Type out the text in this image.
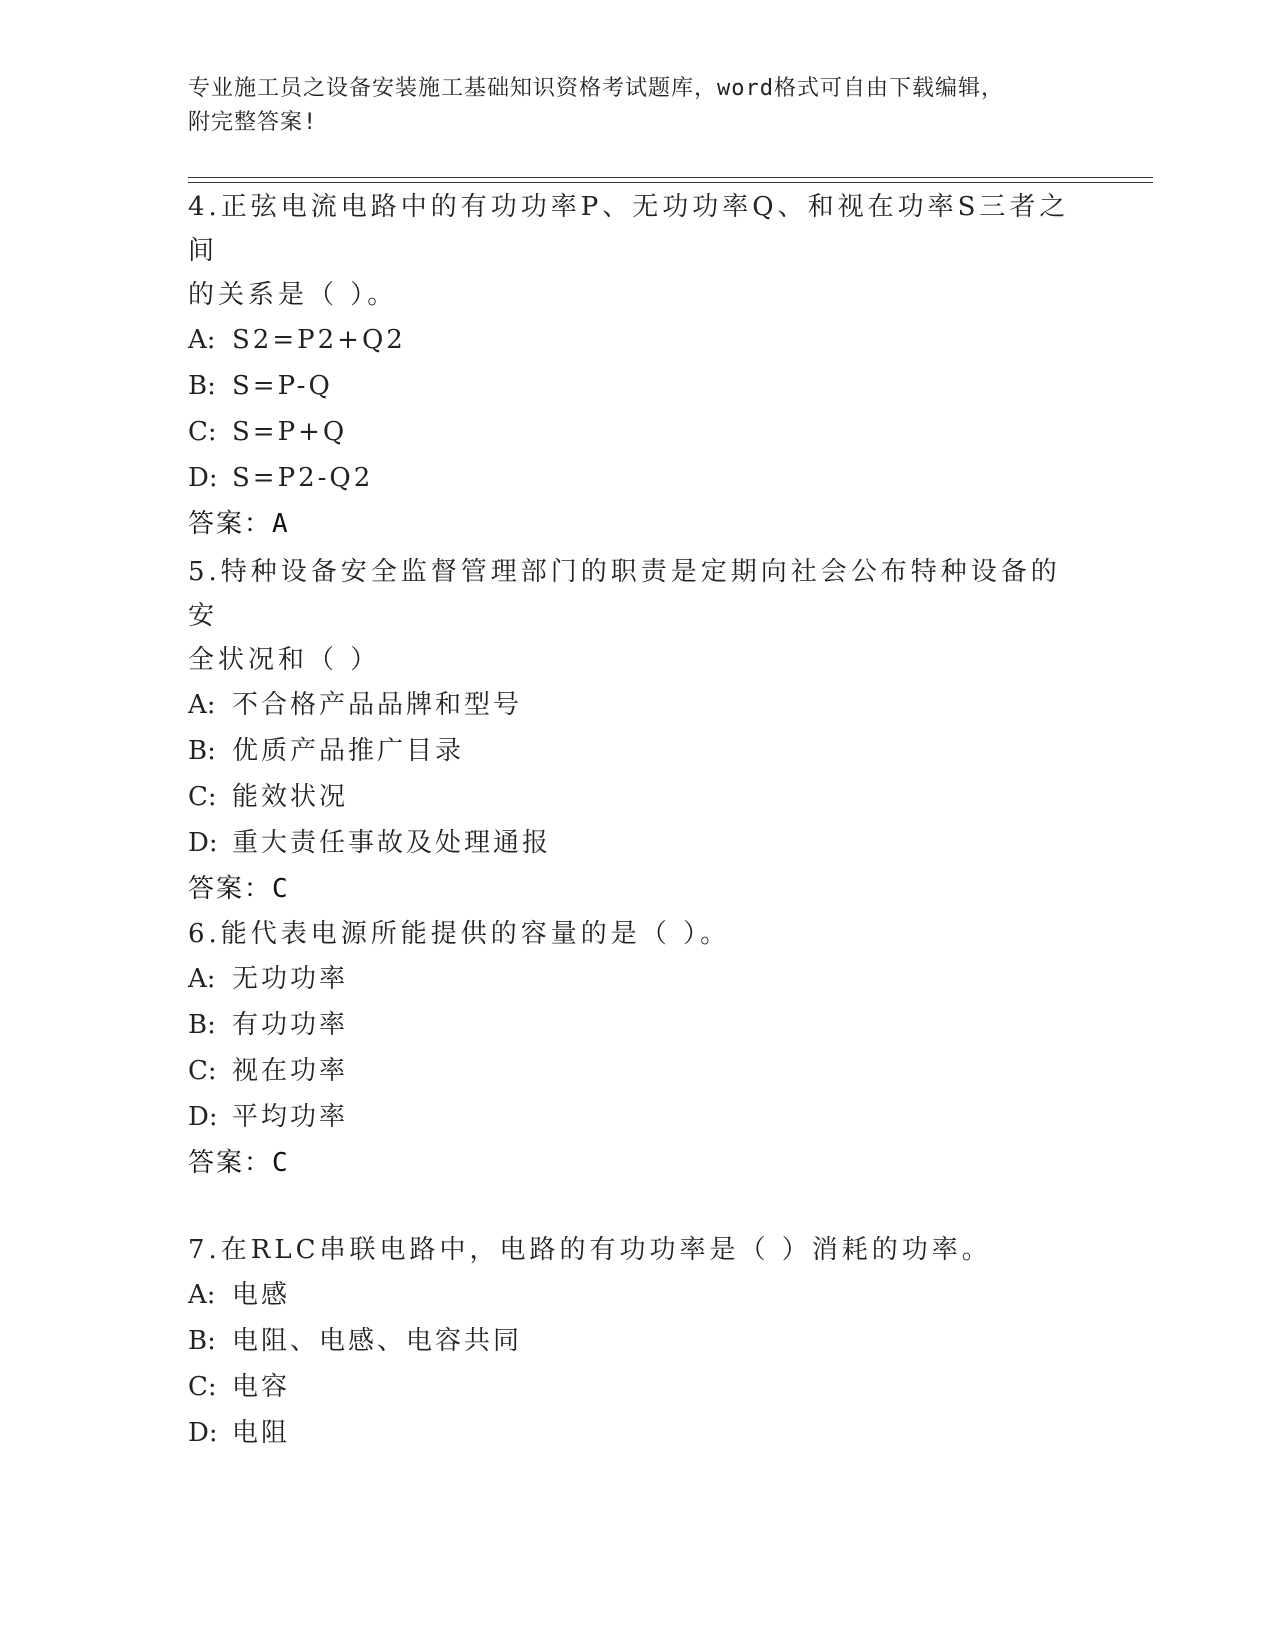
专业施工员之设备安装施工基础知识资格考试题库，word格式可自由下载编辑，
附完整答案!
4.正弦电流电路中的有功功率P、无功功率Q、和视在功率S三者之间
的关系是（ ）。
A: S2=P2+Q2
B: S=P-Q
C: S=P+Q
D: S=P2-Q2
答案：A
5.特种设备安全监督管理部门的职责是定期向社会公布特种设备的安
全状况和（ ）
A: 不合格产品品牌和型号
B: 优质产品推广目录
C: 能效状况
D: 重大责任事故及处理通报
答案：C
6.能代表电源所能提供的容量的是（ ）。
A: 无功功率
B: 有功功率
C: 视在功率
D: 平均功率
答案：C
7.在RLC串联电路中，电路的有功功率是（ ）消耗的功率。
A: 电感
B: 电阻、电感、电容共同
C: 电容
D: 电阻
